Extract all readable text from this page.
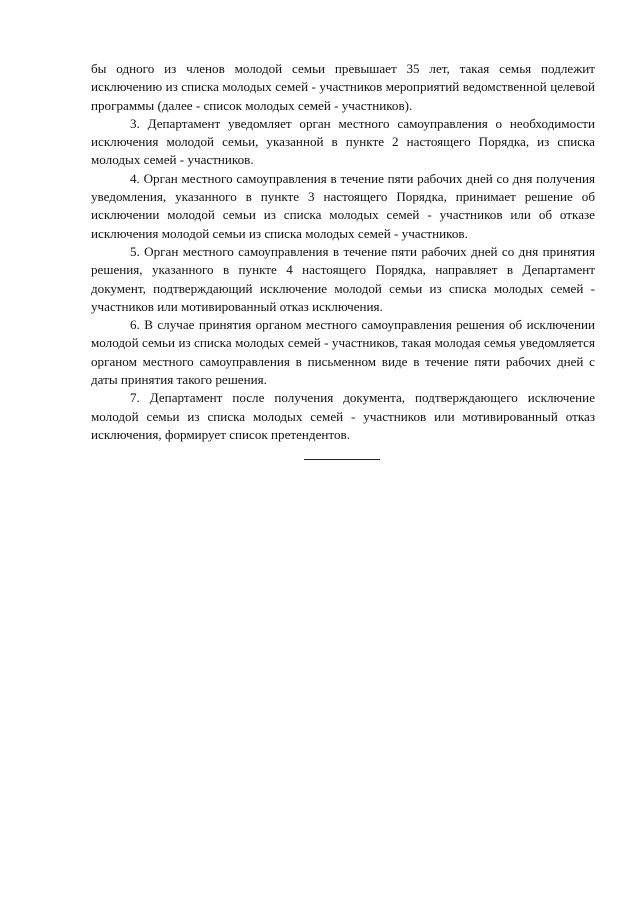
бы одного из членов молодой семьи превышает 35 лет, такая семья подлежит исключению из списка молодых семей - участников мероприятий ведомственной целевой программы (далее - список молодых семей - участников).

3. Департамент уведомляет орган местного самоуправления о необходимости исключения молодой семьи, указанной в пункте 2 настоящего Порядка, из списка молодых семей - участников.

4. Орган местного самоуправления в течение пяти рабочих дней со дня получения уведомления, указанного в пункте 3 настоящего Порядка, принимает решение об исключении молодой семьи из списка молодых семей - участников или об отказе исключения молодой семьи из списка молодых семей - участников.

5. Орган местного самоуправления в течение пяти рабочих дней со дня принятия решения, указанного в пункте 4 настоящего Порядка, направляет в Департамент документ, подтверждающий исключение молодой семьи из списка молодых семей - участников или мотивированный отказ исключения.

6. В случае принятия органом местного самоуправления решения об исключении молодой семьи из списка молодых семей - участников, такая молодая семья уведомляется органом местного самоуправления в письменном виде в течение пяти рабочих дней с даты принятия такого решения.

7. Департамент после получения документа, подтверждающего исключение молодой семьи из списка молодых семей - участников или мотивированный отказ исключения, формирует список претендентов.
